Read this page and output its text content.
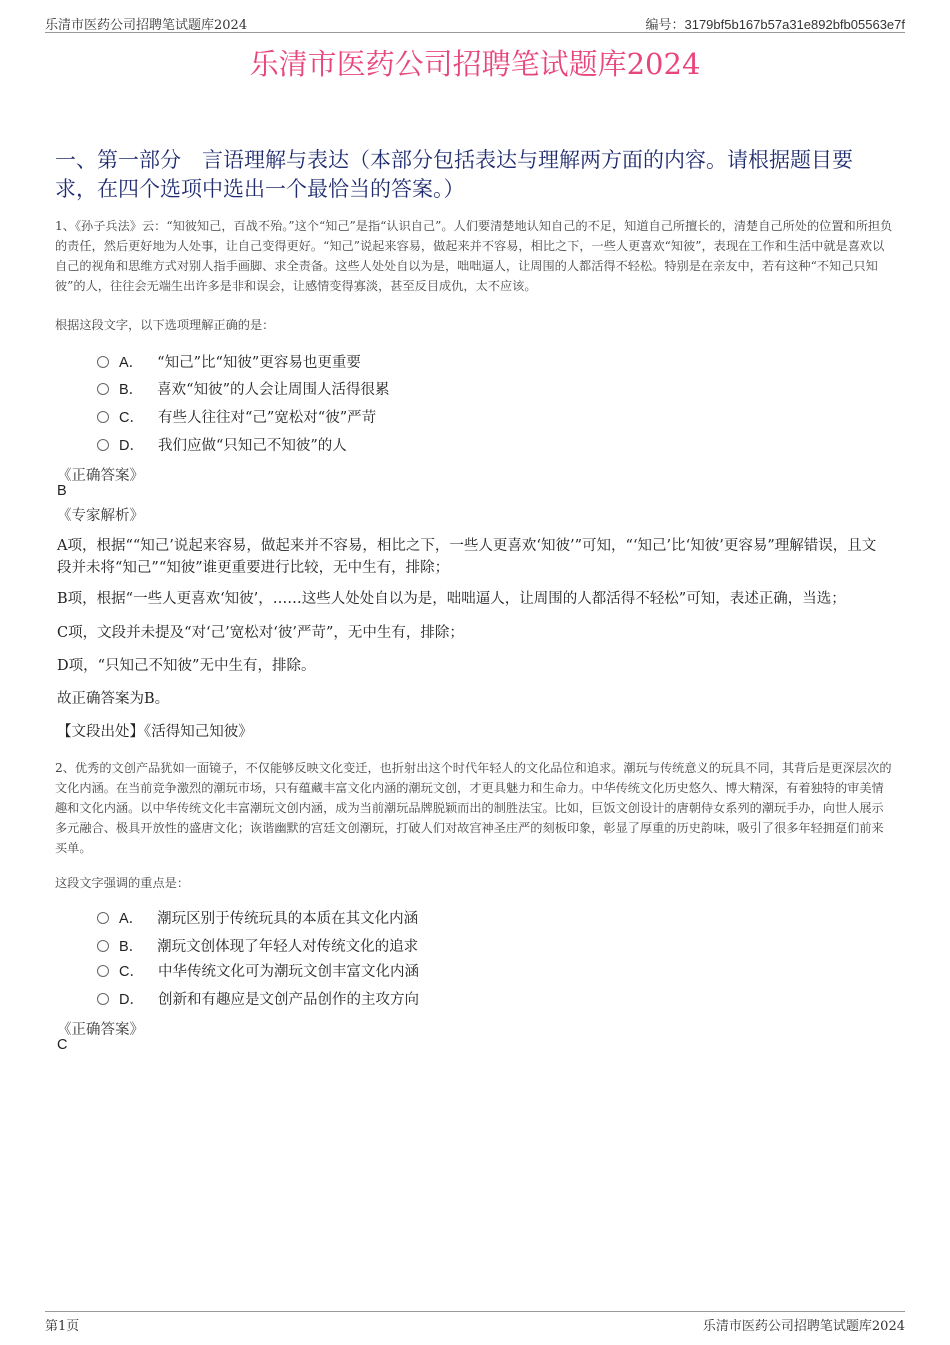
乐清市医药公司招聘笔试题库2024	编号：3179bf5b167b57a31e892bfb05563e7f
乐清市医药公司招聘笔试题库2024
一、第一部分　言语理解与表达（本部分包括表达与理解两方面的内容。请根据题目要求，在四个选项中选出一个最恰当的答案。）
1、《孙子兵法》云：“知彼知己，百战不殆。”这个“知己”是指“认识自己”。人们要清楚地认知自己的不足，知道自己所擅长的，清楚自己所处的位置和所担负的责任，然后更好地为人处事，让自己变得更好。“知己”说起来容易，做起来并不容易，相比之下，一些人更喜欢“知彼”，表现在工作和生活中就是喜欢以自己的视角和思维方式对别人指手画脚、求全责备。这些人处处自以为是，咄咄逼人，让周围的人都活得不轻松。特别是在亲友中，若有这种“不知己只知彼”的人，往往会无端生出许多是非和误会，让感情变得寡淡，甚至反目成仇，太不应该。
根据这段文字，以下选项理解正确的是：
A． “知己”比“知彼”更容易也更重要
B． 喜欢“知彼”的人会让周围人活得很累
C． 有些人往往对“己”宽松对“彼”严苛
D． 我们应做“只知己不知彼”的人
《正确答案》
B
《专家解析》
A项，根据““知己’说起来容易，做起来并不容易，相比之下，一些人更喜欢‘知彼’”可知，“‘知己’比‘知彼’更容易”理解错误，且文段并未将“知己”“知彼”谁更重要进行比较，无中生有，排除；
B项，根据“一些人更喜欢‘知彼’，……这些人处处自以为是，咄咄逼人，让周围的人都活得不轻松”可知，表述正确，当选；
C项，文段并未提及“对‘己’宽松对‘彼’严苛”，无中生有，排除；
D项，“只知己不知彼”无中生有，排除。
故正确答案为B。
【文段出处】《活得知己知彼》
2、优秀的文创产品犹如一面镜子，不仅能够反映文化变迁，也折射出这个时代年轻人的文化品位和追求。潮玩与传统意义的玩具不同，其背后是更深层次的文化内涵。在当前竞争激烈的潮玩市场，只有蕴藏丰富文化内涵的潮玩文创，才更具魅力和生命力。中华传统文化历史悠久、博大精深，有着独特的审美情趣和文化内涵。以中华传统文化丰富潮玩文创内涵，成为当前潮玩品牌脱颖而出的制胜法宝。比如，巨饭文创设计的唐朝侍女系列的潮玩手办，向世人展示多元融合、极具开放性的盛唐文化；诙谐幽默的宫廷文创潮玩，打破人们对故宫神圣庄严的刻板印象，彰显了厚重的历史韵味，吸引了很多年轻拥趸们前来买单。
这段文字强调的重点是：
A． 潮玩区别于传统玩具的本质在其文化内涵
B． 潮玩文创体现了年轻人对传统文化的追求
C． 中华传统文化可为潮玩文创丰富文化内涵
D． 创新和有趣应是文创产品创作的主攻方向
《正确答案》
C
第1页	乐清市医药公司招聘笔试题库2024
